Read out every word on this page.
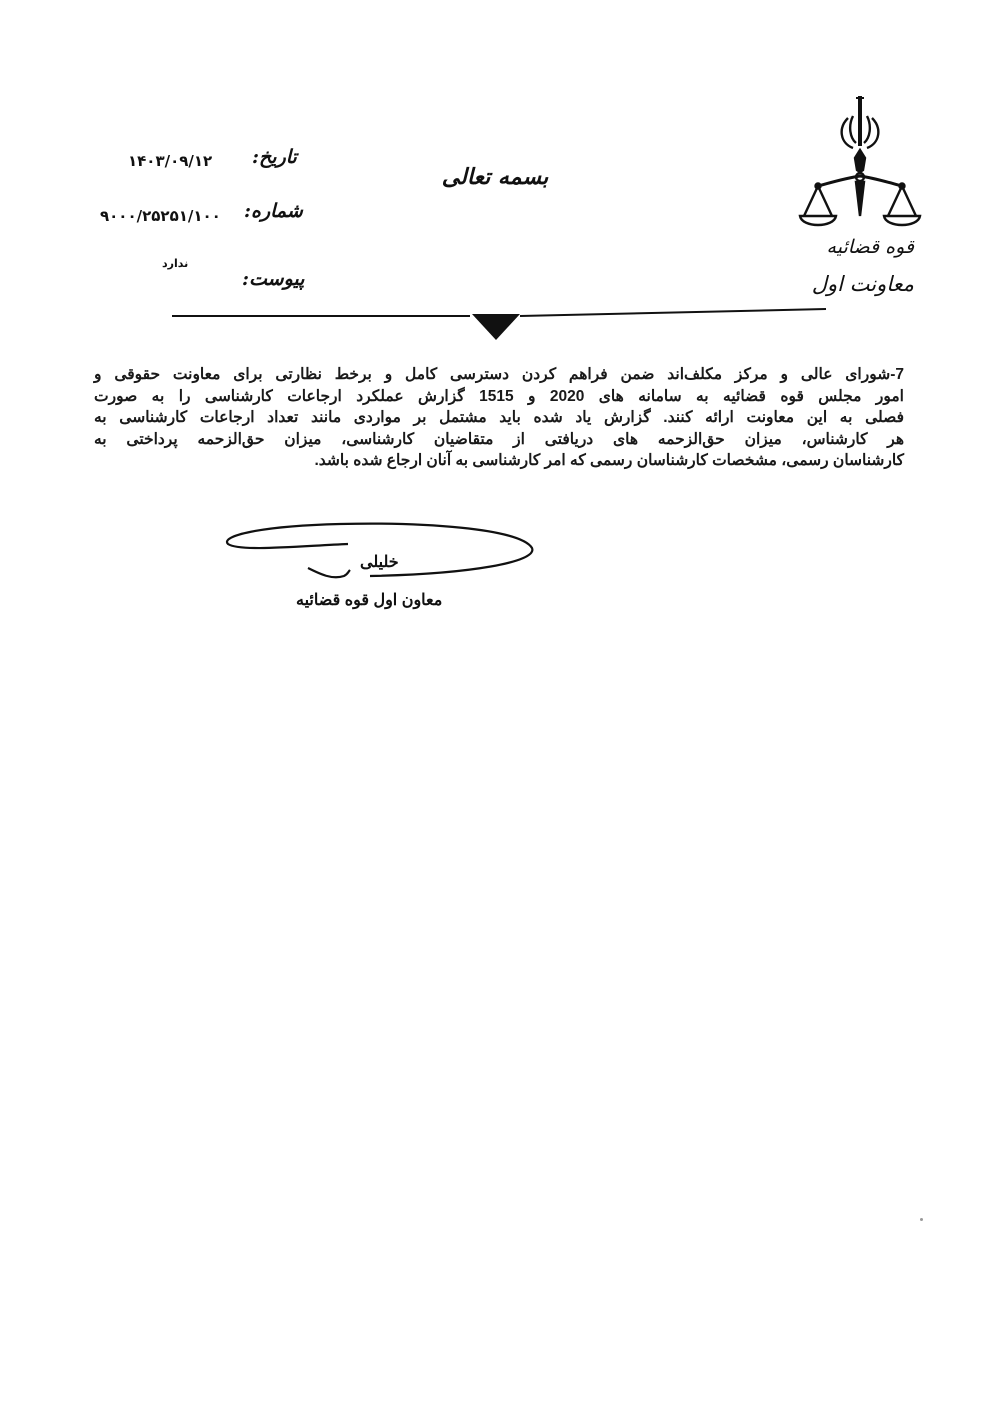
قوه قضائیه
معاونت اول
بسمه تعالی
تاریخ:
۱۴۰۳/۰۹/۱۲
شماره:
۹۰۰۰/۲۵۲۵۱/۱۰۰
پیوست:
ندارد
7-شورای عالی و مرکز مکلف‌اند ضمن فراهم کردن دسترسی کامل و برخط نظارتی برای معاونت حقوقی و
امور مجلس قوه قضائیه به سامانه های 2020 و 1515 گزارش عملکرد ارجاعات کارشناسی را به صورت
فصلی به این معاونت ارائه کنند. گزارش یاد شده باید مشتمل بر مواردی مانند تعداد ارجاعات کارشناسی به
هر کارشناس، میزان حق‌الزحمه های دریافتی از متقاضیان کارشناسی، میزان حق‌الزحمه پرداختی به
کارشناسان رسمی، مشخصات کارشناسان رسمی که امر کارشناسی به آنان ارجاع شده باشد.
خلیلی
معاون اول قوه قضائیه
